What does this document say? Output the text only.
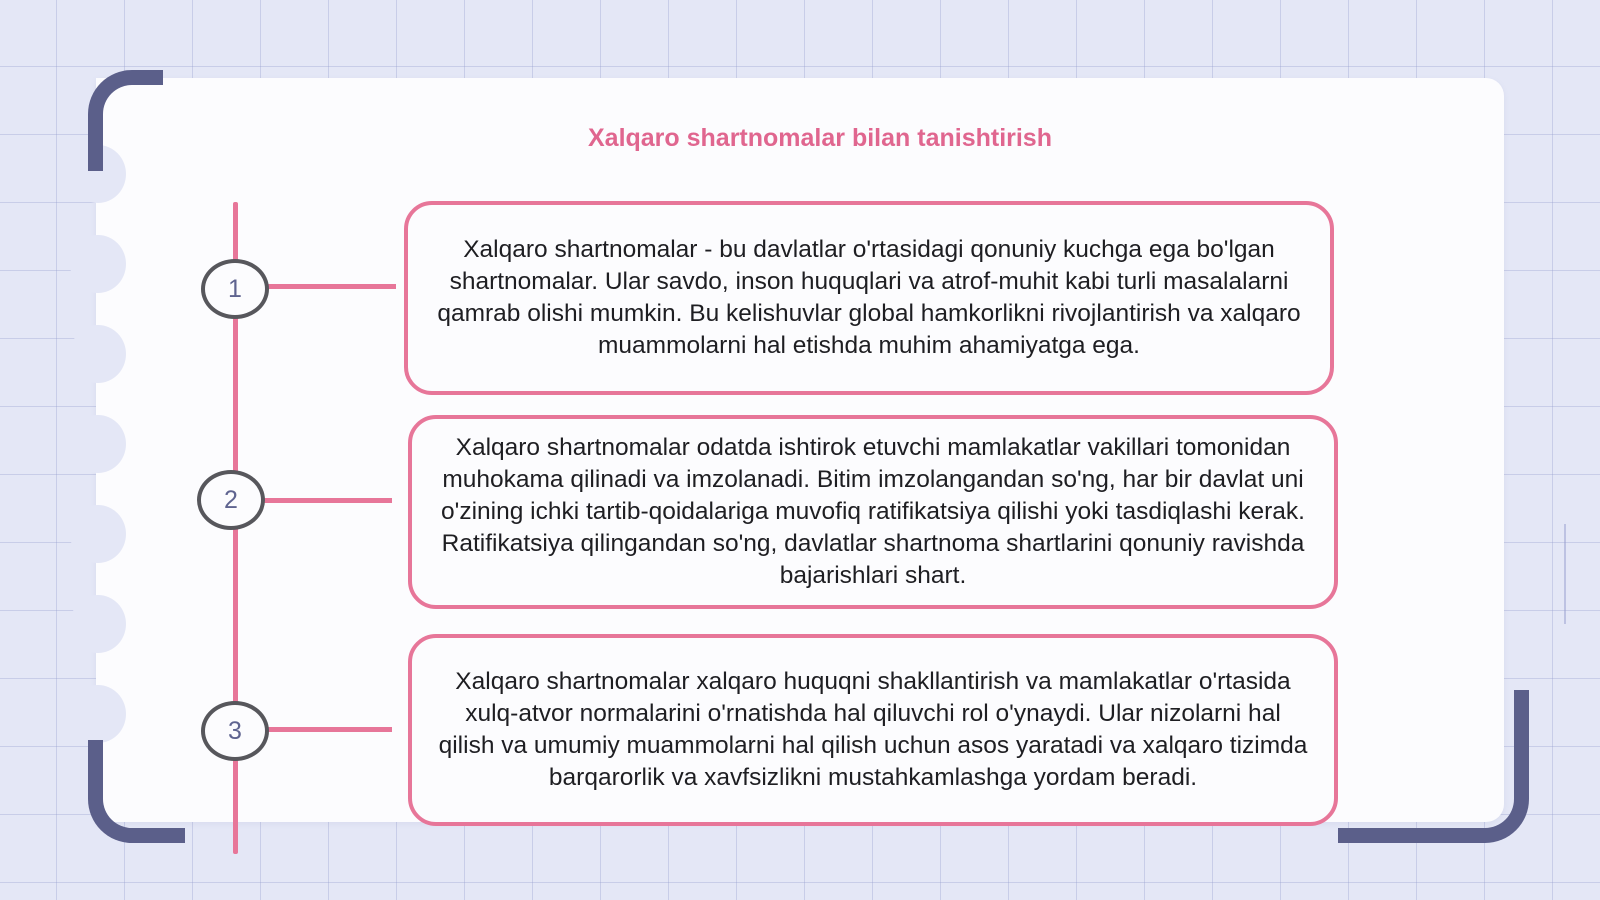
Xalqaro shartnomalar bilan tanishtirish
1
2
3
Xalqaro shartnomalar - bu davlatlar o'rtasidagi qonuniy kuchga ega bo'lgan shartnomalar. Ular savdo, inson huquqlari va atrof-muhit kabi turli masalalarni qamrab olishi mumkin. Bu kelishuvlar global hamkorlikni rivojlantirish va xalqaro muammolarni hal etishda muhim ahamiyatga ega.
Xalqaro shartnomalar odatda ishtirok etuvchi mamlakatlar vakillari tomonidan muhokama qilinadi va imzolanadi. Bitim imzolangandan so'ng, har bir davlat uni o'zining ichki tartib-qoidalariga muvofiq ratifikatsiya qilishi yoki tasdiqlashi kerak. Ratifikatsiya qilingandan so'ng, davlatlar shartnoma shartlarini qonuniy ravishda bajarishlari shart.
Xalqaro shartnomalar xalqaro huquqni shakllantirish va mamlakatlar o'rtasida xulq-atvor normalarini o'rnatishda hal qiluvchi rol o'ynaydi. Ular nizolarni hal qilish va umumiy muammolarni hal qilish uchun asos yaratadi va xalqaro tizimda barqarorlik va xavfsizlikni mustahkamlashga yordam beradi.
